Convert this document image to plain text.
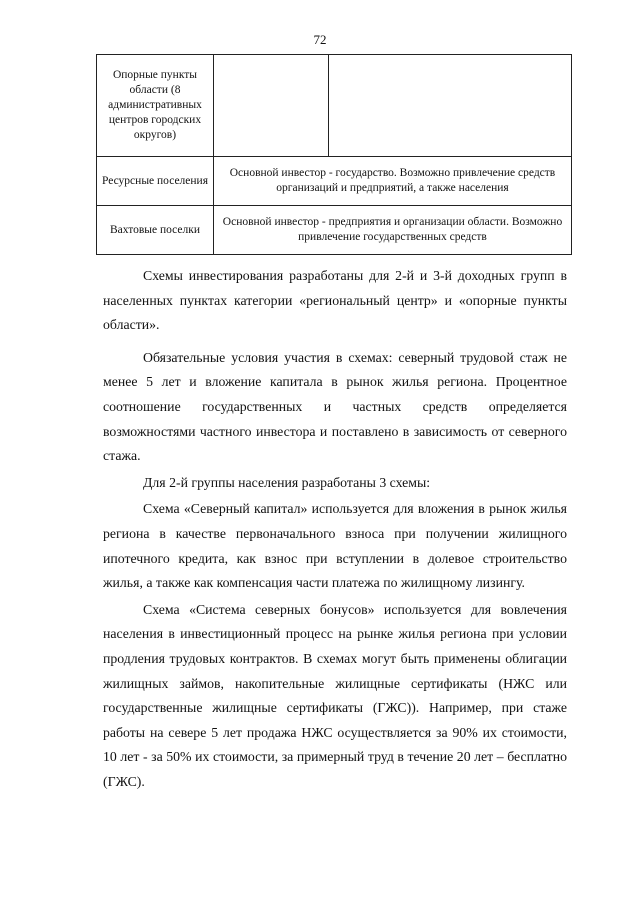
72
Опорные пункты области (8 административных центров городских округов)		
Ресурсные поселения	Основной инвестор - государство. Возможно привлечение средств организаций и предприятий, а также населения	
Вахтовые поселки	Основной инвестор - предприятия и организации области. Возможно привлечение государственных средств	

Схемы инвестирования разработаны для 2-й и 3-й доходных групп в населенных пунктах категории «региональный центр» и «опорные пункты области».

Обязательные условия участия в схемах: северный трудовой стаж не менее 5 лет и вложение капитала в рынок жилья региона. Процентное соотношение государственных и частных средств определяется возможностями частного инвестора и поставлено в зависимость от северного стажа.

Для 2-й группы населения разработаны 3 схемы:

Схема «Северный капитал» используется для вложения в рынок жилья региона в качестве первоначального взноса при получении жилищного ипотечного кредита, как взнос при вступлении в долевое строительство жилья, а также как компенсация части платежа по жилищному лизингу.

Схема «Система северных бонусов» используется для вовлечения населения в инвестиционный процесс на рынке жилья региона при условии продления трудовых контрактов. В схемах могут быть применены облигации жилищных займов, накопительные жилищные сертификаты (НЖС или государственные жилищные сертификаты (ГЖС)). Например, при стаже работы на севере 5 лет продажа НЖС осуществляется за 90% их стоимости, 10 лет - за 50% их стоимости, за примерный труд в течение 20 лет – бесплатно (ГЖС).
